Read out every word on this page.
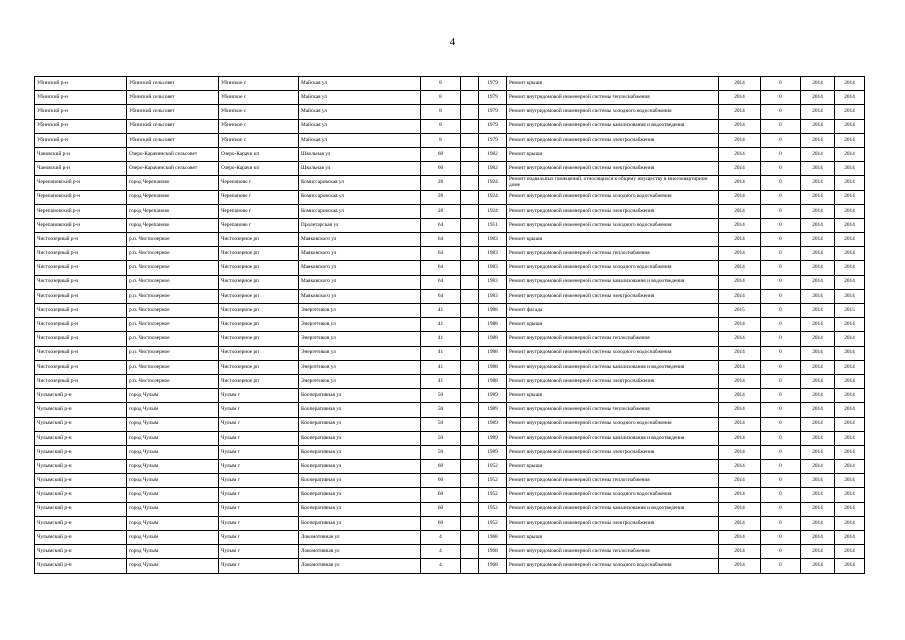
4
Убинский р-н	Убинский сельсовет	Убинское с	Майская ул	8		1979	Ремонт крыши	2014	0	2014	2014
Убинский р-н	Убинский сельсовет	Убинское с	Майская ул	8		1979	Ремонт внутридомовой инженерной системы теплоснабжения	2014	0	2014	2014
Убинский р-н	Убинский сельсовет	Убинское с	Майская ул	8		1979	Ремонт внутридомовой инженерной системы холодного водоснабжения	2014	0	2014	2014
Убинский р-н	Убинский сельсовет	Убинское с	Майская ул	8		1979	Ремонт внутридомовой инженерной системы канализования и водоотведения	2014	0	2014	2014
Убинский р-н	Убинский сельсовет	Убинское с	Майская ул	8		1979	Ремонт внутридомовой инженерной системы электроснабжения	2014	0	2014	2014
Чановский р-н	Озеро-Карачинский сельсовет	Озеро-Карачи кп	Школьная ул	60		1982	Ремонт крыши	2014	0	2014	2014
Чановский р-н	Озеро-Карачинский сельсовет	Озеро-Карачи кп	Школьная ул	60		1982	Ремонт внутридомовой инженерной системы электроснабжения	2014	0	2014	2014
Черепановский р-н	город Черепаново	Черепаново г	Комиссаровская ул	28		1924	Ремонт подвальных помещений, относящихся к общему имуществу в многоквартирном доме	2014	0	2014	2014
Черепановский р-н	город Черепаново	Черепаново г	Комиссаровская ул	28		1924	Ремонт внутридомовой инженерной системы холодного водоснабжения	2014	0	2014	2014
Черепановский р-н	город Черепаново	Черепаново г	Комиссаровская ул	28		1924	Ремонт внутридомовой инженерной системы электроснабжения	2014	0	2014	2014
Черепановский р-н	город Черепаново	Черепаново г	Пролетарская ул	64		1951	Ремонт внутридомовой инженерной системы холодного водоснабжения	2014	0	2014	2014
Чистоозерный р-н	р.п. Чистоозерное	Чистоозерное рп	Маяковского ул	64		1983	Ремонт крыши	2014	0	2014	2014
Чистоозерный р-н	р.п. Чистоозерное	Чистоозерное рп	Маяковского ул	64		1983	Ремонт внутридомовой инженерной системы теплоснабжения	2014	0	2014	2014
Чистоозерный р-н	р.п. Чистоозерное	Чистоозерное рп	Маяковского ул	64		1983	Ремонт внутридомовой инженерной системы холодного водоснабжения	2014	0	2014	2014
Чистоозерный р-н	р.п. Чистоозерное	Чистоозерное рп	Маяковского ул	64		1983	Ремонт внутридомовой инженерной системы канализования и водоотведения	2014	0	2014	2014
Чистоозерный р-н	р.п. Чистоозерное	Чистоозерное рп	Маяковского ул	64		1983	Ремонт внутридомовой инженерной системы электроснабжения	2014	0	2014	2014
Чистоозерный р-н	р.п. Чистоозерное	Чистоозерное рп	Энергетиков ул	41		1988	Ремонт фасада	2015	0	2014	2015
Чистоозерный р-н	р.п. Чистоозерное	Чистоозерное рп	Энергетиков ул	41		1988	Ремонт крыши	2014	0	2014	2014
Чистоозерный р-н	р.п. Чистоозерное	Чистоозерное рп	Энергетиков ул	41		1988	Ремонт внутридомовой инженерной системы теплоснабжения	2014	0	2014	2014
Чистоозерный р-н	р.п. Чистоозерное	Чистоозерное рп	Энергетиков ул	41		1988	Ремонт внутридомовой инженерной системы холодного водоснабжения	2014	0	2014	2014
Чистоозерный р-н	р.п. Чистоозерное	Чистоозерное рп	Энергетиков ул	41		1988	Ремонт внутридомовой инженерной системы канализования и водоотведения	2014	0	2014	2014
Чистоозерный р-н	р.п. Чистоозерное	Чистоозерное рп	Энергетиков ул	41		1988	Ремонт внутридомовой инженерной системы электроснабжения	2014	0	2014	2014
Чулымский р-н	город Чулым	Чулым г	Кооперативная ул	50		1989	Ремонт крыши	2014	0	2014	2014
Чулымский р-н	город Чулым	Чулым г	Кооперативная ул	50		1989	Ремонт внутридомовой инженерной системы теплоснабжения	2014	0	2014	2014
Чулымский р-н	город Чулым	Чулым г	Кооперативная ул	50		1989	Ремонт внутридомовой инженерной системы холодного водоснабжения	2014	0	2014	2014
Чулымский р-н	город Чулым	Чулым г	Кооперативная ул	50		1989	Ремонт внутридомовой инженерной системы канализования и водоотведения	2014	0	2014	2014
Чулымский р-н	город Чулым	Чулым г	Кооперативная ул	50		1989	Ремонт внутридомовой инженерной системы электроснабжения	2014	0	2014	2014
Чулымский р-н	город Чулым	Чулым г	Кооперативная ул	60		1952	Ремонт крыши	2014	0	2014	2014
Чулымский р-н	город Чулым	Чулым г	Кооперативная ул	60		1952	Ремонт внутридомовой инженерной системы теплоснабжения	2014	0	2014	2014
Чулымский р-н	город Чулым	Чулым г	Кооперативная ул	60		1952	Ремонт внутридомовой инженерной системы холодного водоснабжения	2014	0	2014	2014
Чулымский р-н	город Чулым	Чулым г	Кооперативная ул	60		1952	Ремонт внутридомовой инженерной системы канализования и водоотведения	2014	0	2014	2014
Чулымский р-н	город Чулым	Чулым г	Кооперативная ул	60		1952	Ремонт внутридомовой инженерной системы электроснабжения	2014	0	2014	2014
Чулымский р-н	город Чулым	Чулым г	Локомотивная ул	4		1968	Ремонт крыши	2014	0	2014	2014
Чулымский р-н	город Чулым	Чулым г	Локомотивная ул	4		1968	Ремонт внутридомовой инженерной системы теплоснабжения	2014	0	2014	2014
Чулымский р-н	город Чулым	Чулым г	Локомотивная ул	4		1968	Ремонт внутридомовой инженерной системы холодного водоснабжения	2014	0	2014	2014
